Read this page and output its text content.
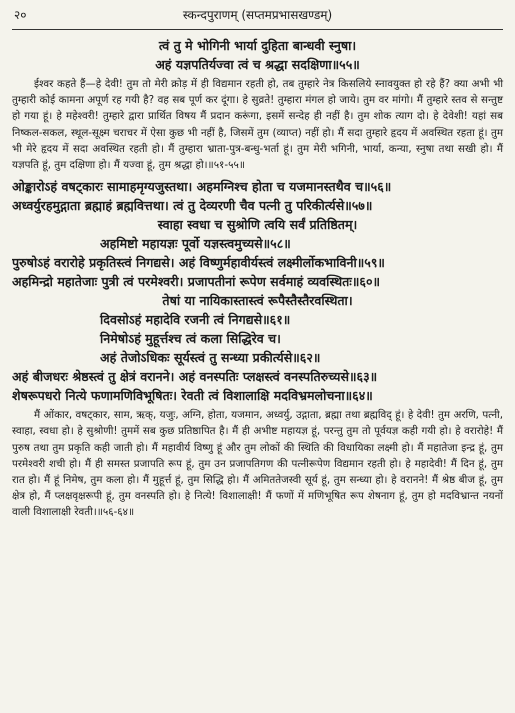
२०	स्कन्दपुराणम् (सप्तमप्रभासखण्डम्)
त्वं तु मे भोगिनी भार्या दुहिता बान्धवी स्नुषा।
अहं यज्ञपतिर्यज्वा त्वं च श्रद्धा सदक्षिणा॥५५॥

ईश्वर कहते हैं—हे देवी! तुम तो मेरी क्रोड़ में ही विद्यमान रहती हो, तब तुम्हारे नेत्र किसलिये स्नावयुक्त हो रहे हैं? क्या अभी भी तुम्हारी कोई कामना अपूर्ण रह गयी है? वह सब पूर्ण कर दूंगा। हे सुव्रते! तुम्हारा मंगल हो जाये। तुम वर मांगो। मैं तुम्हारे स्तव से सन्तुष्ट हो गया हूं। हे महेश्वरी! तुम्हारे द्वारा प्रार्थित विषय मैं प्रदान करूंगा, इसमें सन्देह ही नहीं है। तुम शोक त्याग दो। हे देवेशी! यहां सब निष्कल-सकल, स्थूल-सूक्ष्म चराचर में ऐसा कुछ भी नहीं है, जिसमें तुम (व्याप्त) नहीं हो। मैं सदा तुम्हारे हृदय में अवस्थित रहता हूं। तुम भी मेरे हृदय में सदा अवस्थित रहती हो। मैं तुम्हारा भ्राता-पुत्र-बन्धु-भर्ता हूं। तुम मेरी भगिनी, भार्या, कन्या, स्नुषा तथा सखी हो। मैं यज्ञपति हूं, तुम दक्षिणा हो। मैं यज्वा हूं, तुम श्रद्धा हो।॥५१-५५॥

ओङ्कारोऽहं वषट्कारः सामाहमृग्यजुस्तथा। अहमग्निश्च होता च यजमानस्तथैव च॥५६॥
अध्वर्युरहमुद्गाता ब्रह्माहं ब्रह्मवित्तथा। त्वं तु देव्यरणी चैव पत्नी तु परिकीर्त्यसे॥५७॥
स्वाहा स्वधा च सुश्रोणि त्वयि सर्वं प्रतिष्ठितम्।
अहमिष्टो महायज्ञः पूर्वो यज्ञस्त्वमुच्यसे॥५८॥
पुरुषोऽहं वरारोहे प्रकृतिस्त्वं निगद्यसे। अहं विष्णुर्महावीर्यस्त्वं लक्ष्मीर्लोकभाविनी॥५९॥
अहमिन्द्रो महातेजाः पुत्री त्वं परमेश्वरी। प्रजापतीनां रूपेण सर्वमाहं व्यवस्थितः॥६०॥
तेषां या नायिकास्तास्त्वं रूपैस्तैस्तैरवस्थिता।
दिवसोऽहं महादेवि रजनी त्वं निगद्यसे॥६१॥
निमेषोऽहं मुहूर्त्तश्च त्वं कला सिद्धिरेव च।
अहं तेजोऽधिकः सूर्यस्त्वं तु सन्ध्या प्रकीर्त्यसे॥६२॥
अहं बीजधरः श्रेष्ठस्त्वं तु क्षेत्रं वरानने। अहं वनस्पतिः प्लक्षस्त्वं वनस्पतिरुच्यसे॥६३॥
शेषरूपधरो नित्ये फणामणिविभूषितः। रेवती त्वं विशालाक्षि मदविभ्रमलोचना॥६४॥

मैं ओंकार, वषट्कार, साम, ऋक्, यजुः, अग्नि, होता, यजमान, अध्वर्यु, उद्गाता, ब्रह्मा तथा ब्रह्मविद् हूं। हे देवी! तुम अरणि, पत्नी, स्वाहा, स्वधा हो। हे सुश्रोणी! तुममें सब कुछ प्रतिष्ठापित है। मैं ही अभीष्ट महायज्ञ हूं, परन्तु तुम तो पूर्वयज्ञ कही गयी हो। हे वरारोहे! मैं पुरुष तथा तुम प्रकृति कही जाती हो। मैं महावीर्य विष्णु हूं और तुम लोकों की स्थिति की विधायिका लक्ष्मी हो। मैं महातेजा इन्द्र हूं, तुम परमेश्वरी शची हो। मैं ही समस्त प्रजापति रूप हूं, तुम उन प्रजापतिगण की पत्नीरूपेण विद्यमान रहती हो। हे महादेवी! मैं दिन हूं, तुम रात हो। मैं हूं निमेष, तुम कला हो। मैं मुहूर्त्त हूं, तुम सिद्धि हो। मैं अमिततेजस्वी सूर्य हूं, तुम सन्ध्या हो। हे वरानने! मैं श्रेष्ठ बीज हूं, तुम क्षेत्र हो, मैं प्लक्षवृक्षरूपी हूं, तुम वनस्पति हो। हे नित्ये! विशालाक्षी! मैं फणों में मणिभूषित रूप शेषनाग हूं, तुम हो मदविभ्रान्त नयनों वाली विशालाक्षी रेवती।॥५६-६४॥
